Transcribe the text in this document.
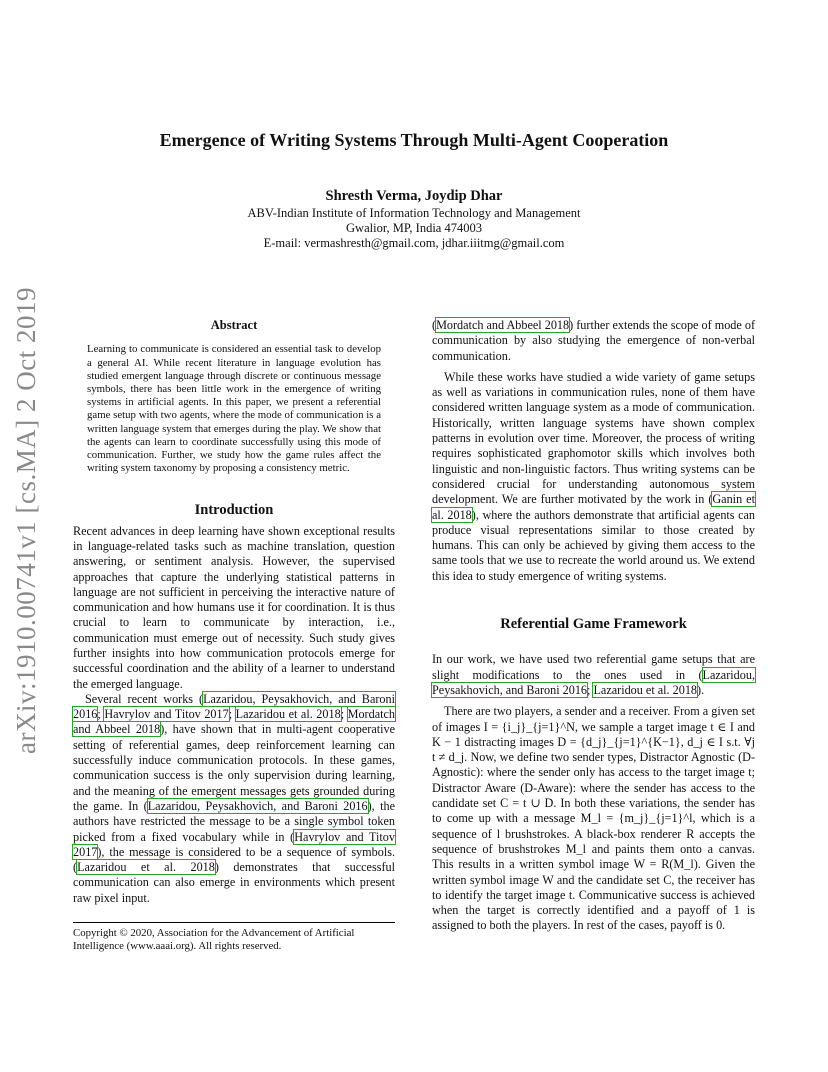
arXiv:1910.00741v1 [cs.MA] 2 Oct 2019
Emergence of Writing Systems Through Multi-Agent Cooperation
Shresth Verma, Joydip Dhar
ABV-Indian Institute of Information Technology and Management
Gwalior, MP, India 474003
E-mail: vermashresth@gmail.com, jdhar.iiitmg@gmail.com
Abstract

Learning to communicate is considered an essential task to develop a general AI. While recent literature in language evolution has studied emergent language through discrete or continuous message symbols, there has been little work in the emergence of writing systems in artificial agents. In this paper, we present a referential game setup with two agents, where the mode of communication is a written language system that emerges during the play. We show that the agents can learn to coordinate successfully using this mode of communication. Further, we study how the game rules affect the writing system taxonomy by proposing a consistency metric.

Introduction

Recent advances in deep learning have shown exceptional results in language-related tasks such as machine translation, question answering, or sentiment analysis. However, the supervised approaches that capture the underlying statistical patterns in language are not sufficient in perceiving the interactive nature of communication and how humans use it for coordination. It is thus crucial to learn to communicate by interaction, i.e., communication must emerge out of necessity. Such study gives further insights into how communication protocols emerge for successful coordination and the ability of a learner to understand the emerged language.

Several recent works (Lazaridou, Peysakhovich, and Baroni 2016; Havrylov and Titov 2017; Lazaridou et al. 2018; Mordatch and Abbeel 2018), have shown that in multi-agent cooperative setting of referential games, deep reinforcement learning can successfully induce communication protocols. In these games, communication success is the only supervision during learning, and the meaning of the emergent messages gets grounded during the game. In (Lazaridou, Peysakhovich, and Baroni 2016), the authors have restricted the message to be a single symbol token picked from a fixed vocabulary while in (Havrylov and Titov 2017), the message is considered to be a sequence of symbols. (Lazaridou et al. 2018) demonstrates that successful communication can also emerge in environments which present raw pixel input.

Copyright © 2020, Association for the Advancement of Artificial Intelligence (www.aaai.org). All rights reserved.

(Mordatch and Abbeel 2018) further extends the scope of mode of communication by also studying the emergence of non-verbal communication.

While these works have studied a wide variety of game setups as well as variations in communication rules, none of them have considered written language system as a mode of communication. Historically, written language systems have shown complex patterns in evolution over time. Moreover, the process of writing requires sophisticated graphomotor skills which involves both linguistic and non-linguistic factors. Thus writing systems can be considered crucial for understanding autonomous system development. We are further motivated by the work in (Ganin et al. 2018), where the authors demonstrate that artificial agents can produce visual representations similar to those created by humans. This can only be achieved by giving them access to the same tools that we use to recreate the world around us. We extend this idea to study emergence of writing systems.

Referential Game Framework

In our work, we have used two referential game setups that are slight modifications to the ones used in (Lazaridou, Peysakhovich, and Baroni 2016; Lazaridou et al. 2018).

There are two players, a sender and a receiver. From a given set of images I = {i_j}_{j=1}^N, we sample a target image t ∈ I and K − 1 distracting images D = {d_j}_{j=1}^{K−1}, d_j ∈ I s.t. ∀j t ≠ d_j. Now, we define two sender types, Distractor Agnostic (D-Agnostic): where the sender only has access to the target image t; Distractor Aware (D-Aware): where the sender has access to the candidate set C = t ∪ D. In both these variations, the sender has to come up with a message M_l = {m_j}_{j=1}^l, which is a sequence of l brushstrokes. A black-box renderer R accepts the sequence of brushstrokes M_l and paints them onto a canvas. This results in a written symbol image W = R(M_l). Given the written symbol image W and the candidate set C, the receiver has to identify the target image t. Communicative success is achieved when the target is correctly identified and a payoff of 1 is assigned to both the players. In rest of the cases, payoff is 0.
